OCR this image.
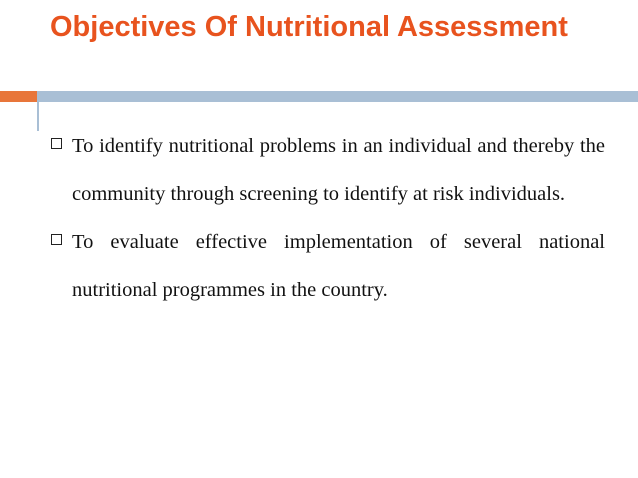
Objectives Of Nutritional Assessment
To identify nutritional problems in an individual and thereby the community through screening to identify at risk individuals.
To evaluate effective implementation of several national nutritional programmes in the country.
